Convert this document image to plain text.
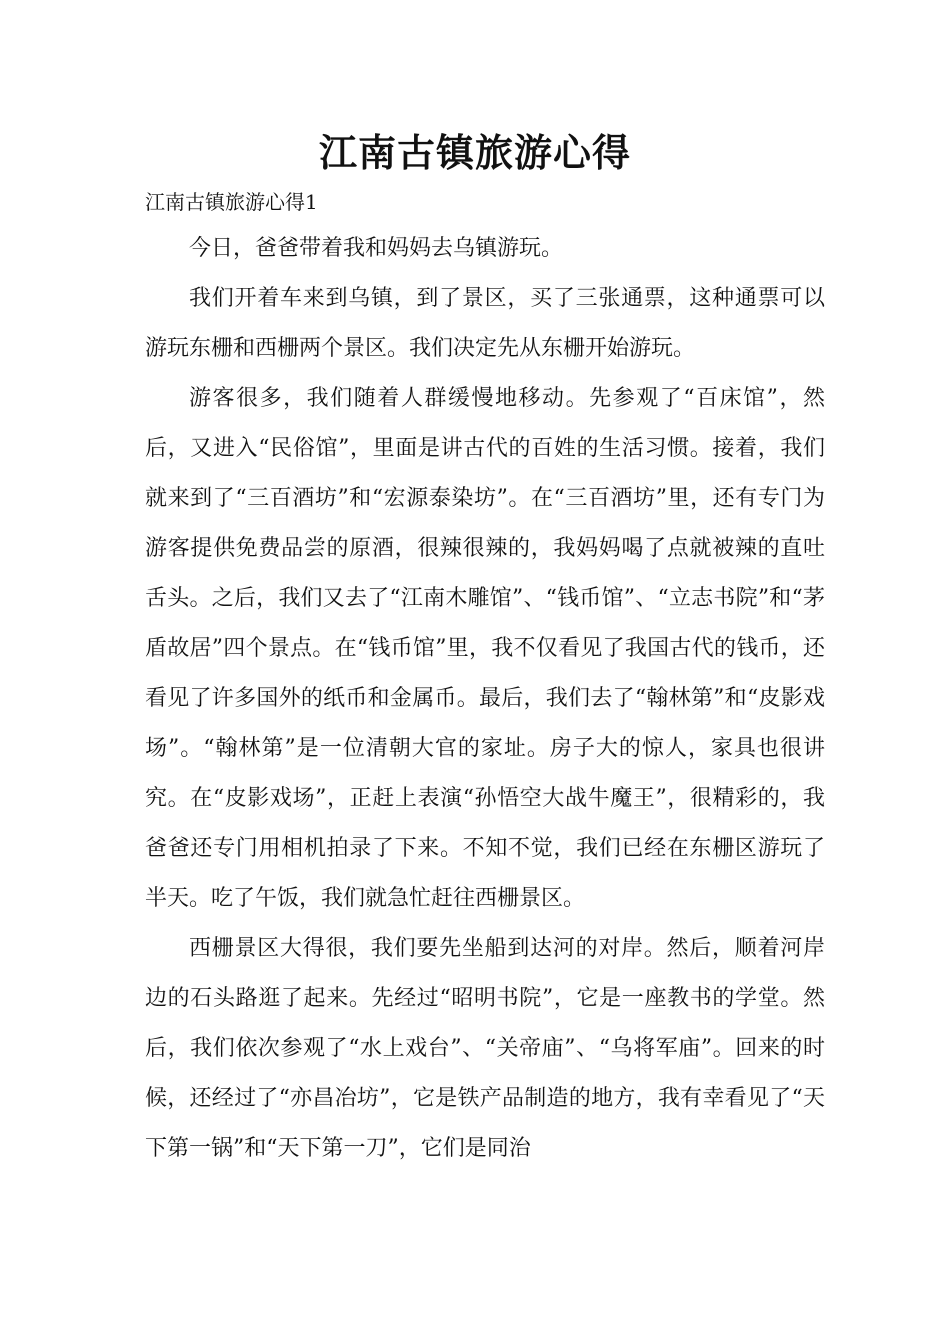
江南古镇旅游心得
江南古镇旅游心得1

今日，爸爸带着我和妈妈去乌镇游玩。

我们开着车来到乌镇，到了景区，买了三张通票，这种通票可以游玩东栅和西栅两个景区。我们决定先从东栅开始游玩。

游客很多，我们随着人群缓慢地移动。先参观了“百床馆”，然后，又进入“民俗馆”，里面是讲古代的百姓的生活习惯。接着，我们就来到了“三百酒坊”和“宏源泰染坊”。在“三百酒坊”里，还有专门为游客提供免费品尝的原酒，很辣很辣的，我妈妈喝了点就被辣的直吐舌头。之后，我们又去了“江南木雕馆”、“钱币馆”、“立志书院”和“茅盾故居”四个景点。在“钱币馆”里，我不仅看见了我国古代的钱币，还看见了许多国外的纸币和金属币。最后，我们去了“翰林第”和“皮影戏场”。“翰林第”是一位清朝大官的家址。房子大的惊人，家具也很讲究。在“皮影戏场”，正赶上表演“孙悟空大战牛魔王”，很精彩的，我爸爸还专门用相机拍录了下来。不知不觉，我们已经在东栅区游玩了半天。吃了午饭，我们就急忙赶往西栅景区。

西栅景区大得很，我们要先坐船到达河的对岸。然后，顺着河岸边的石头路逛了起来。先经过“昭明书院”，它是一座教书的学堂。然后，我们依次参观了“水上戏台”、“关帝庙”、“乌将军庙”。回来的时候，还经过了“亦昌冶坊”，它是铁产品制造的地方，我有幸看见了“天下第一锅”和“天下第一刀”，它们是同治
